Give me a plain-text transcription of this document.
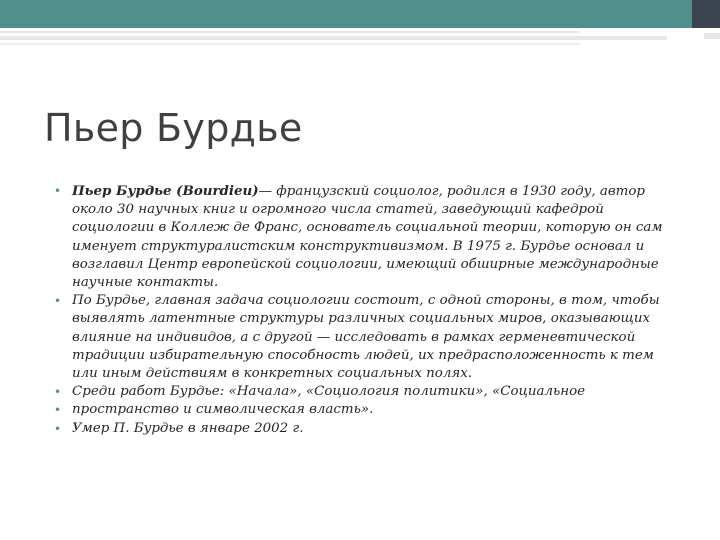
Пьер Бурдье
• Пьер Бурдье (Bourdieu)— французский социолог, родился в 1930 году, автор около 30 научных книг и огромного числа статей, заведующий кафедрой социологии в Коллеж де Франс, основатель социальной теории, которую он сам именует структуралистским конструктивизмом. В 1975 г. Бурдье основал и возглавил Центр европейской социологии, имеющий обширные международные научные контакты.
• По Бурдье, главная задача социологии состоит, с одной стороны, в том, чтобы выявлять латентные структуры различных социальных миров, оказывающих влияние на индивидов, а с другой — исследовать в рамках герменевтической традиции избирательную способность людей, их предрасположенность к тем или иным действиям в конкретных социальных полях.
• Среди работ Бурдье: «Начала», «Социология политики», «Социальное
• пространство и символическая власть».
• Умер П. Бурдье в январе 2002 г.
